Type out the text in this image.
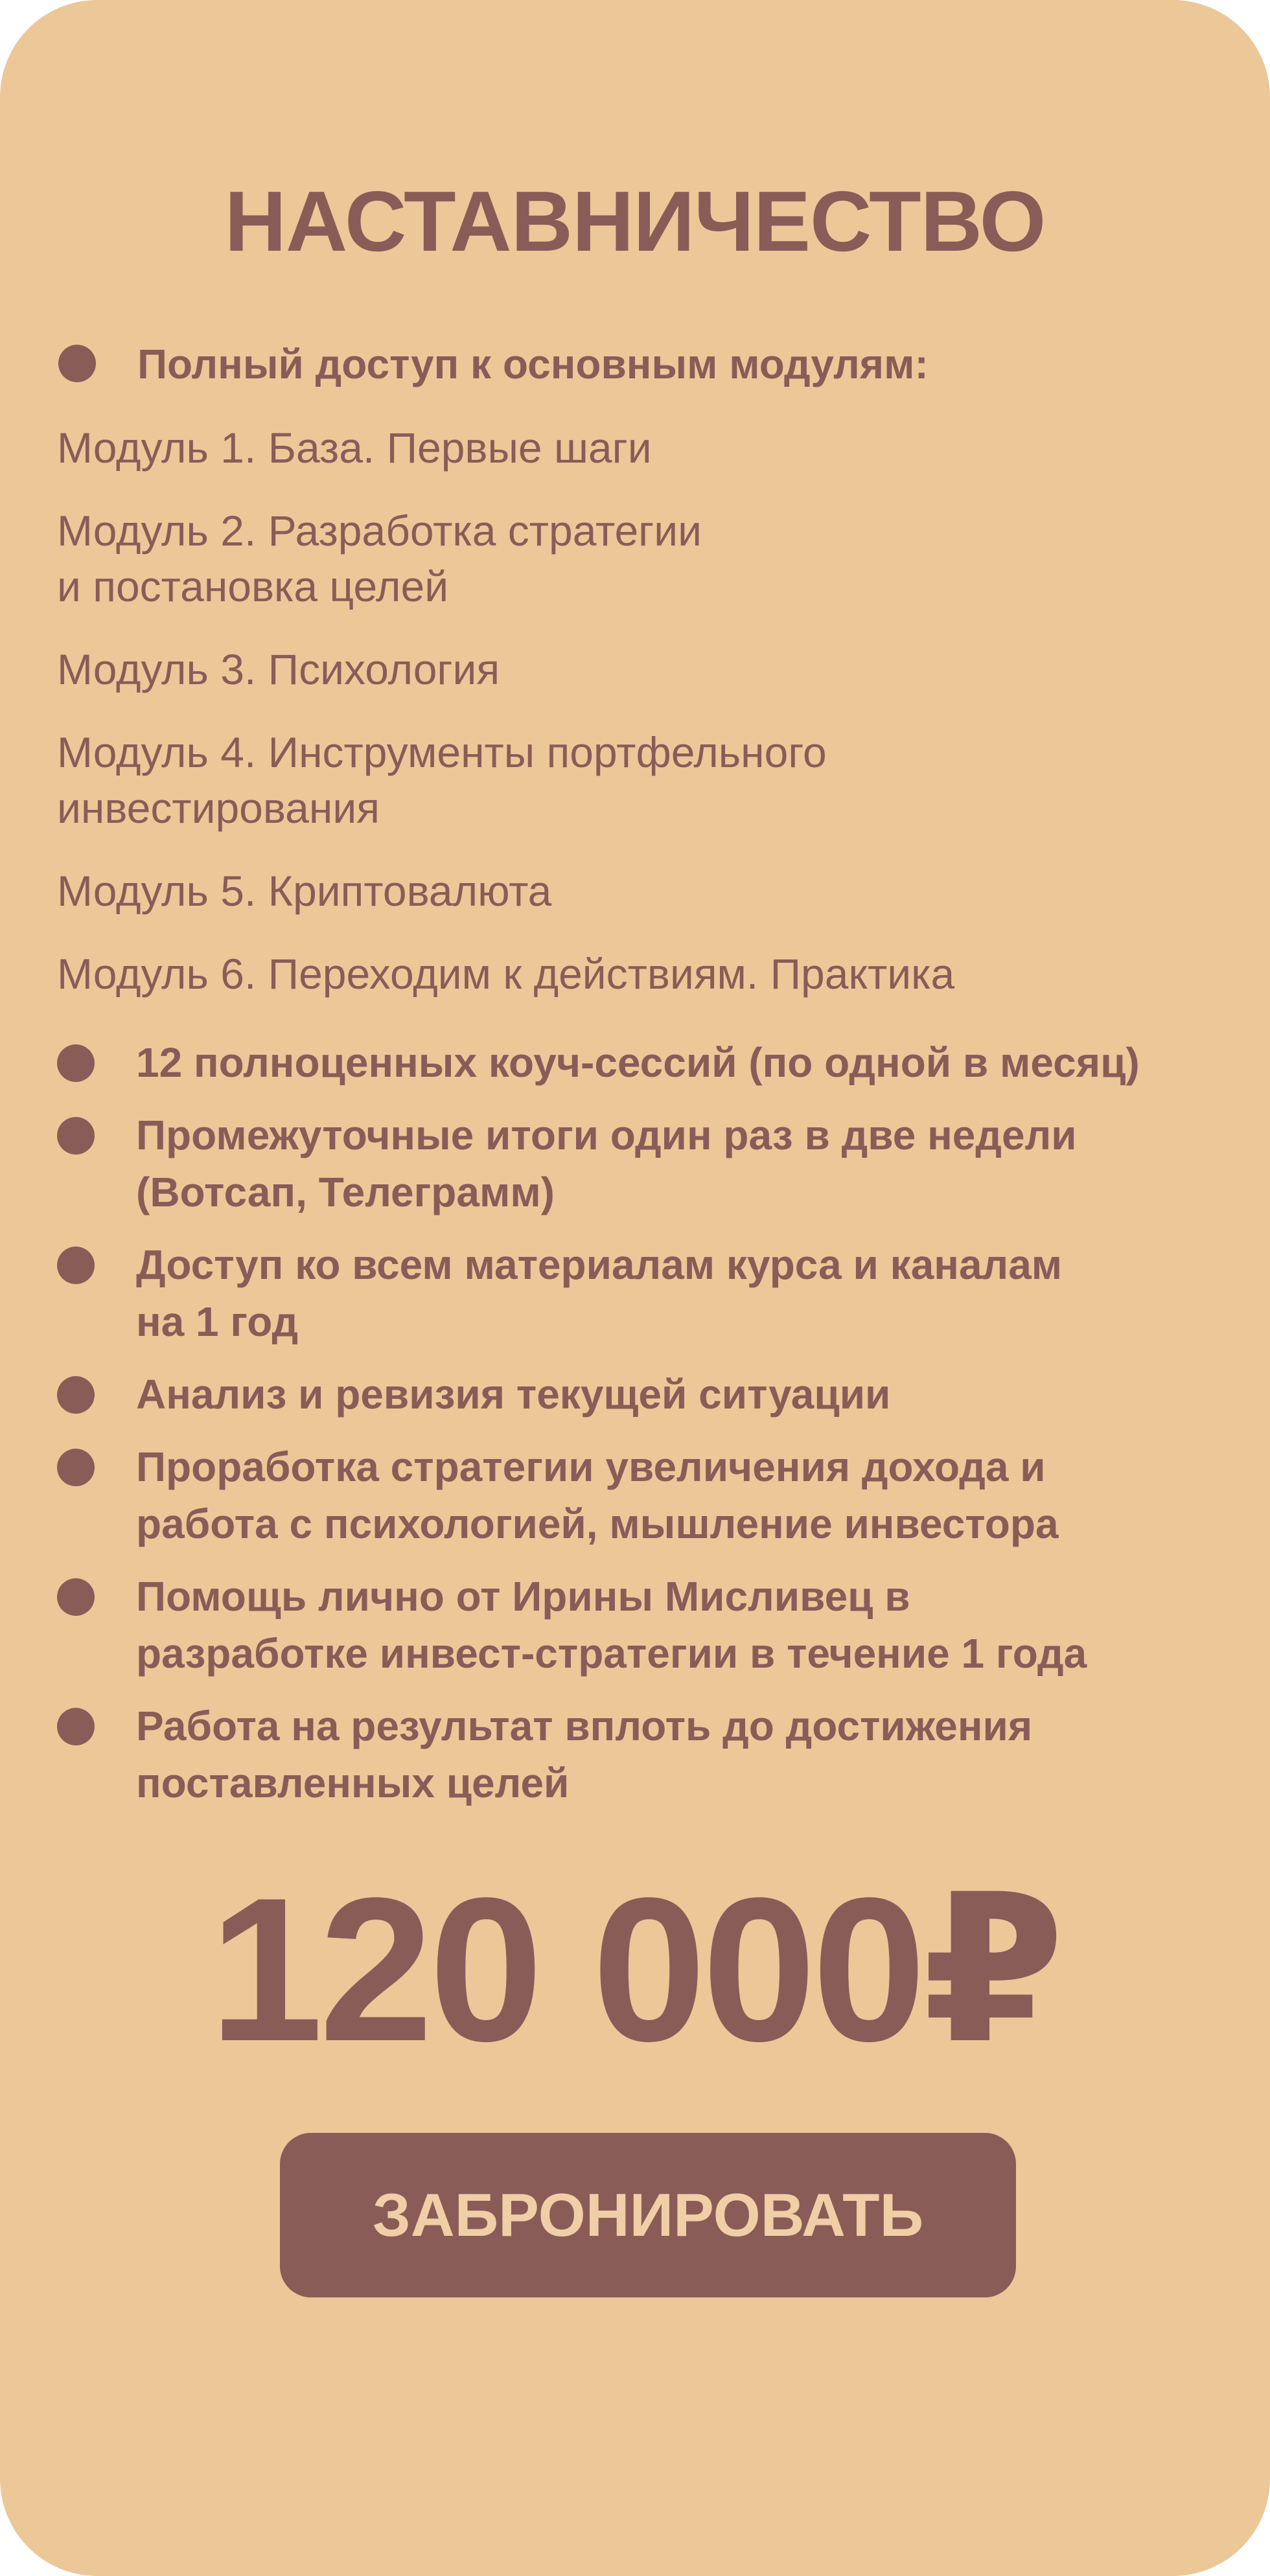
НАСТАВНИЧЕСТВО
Полный доступ к основным модулям:
Модуль 1. База. Первые шаги
Модуль 2. Разработка стратегии
и постановка целей
Модуль 3. Психология
Модуль 4. Инструменты портфельного
инвестирования
Модуль 5. Криптовалюта
Модуль 6. Переходим к действиям. Практика
12 полноценных коуч-сессий (по одной в месяц)
Промежуточные итоги один раз в две недели
(Вотсап, Телеграмм)
Доступ ко всем материалам курса и каналам
на 1 год
Анализ и ревизия текущей ситуации
Проработка стратегии увеличения дохода и
работа с психологией, мышление инвестора
Помощь лично от Ирины Мисливец в
разработке инвест-стратегии в течение 1 года
Работа на результат вплоть до достижения
поставленных целей
120 000₽
ЗАБРОНИРОВАТЬ
